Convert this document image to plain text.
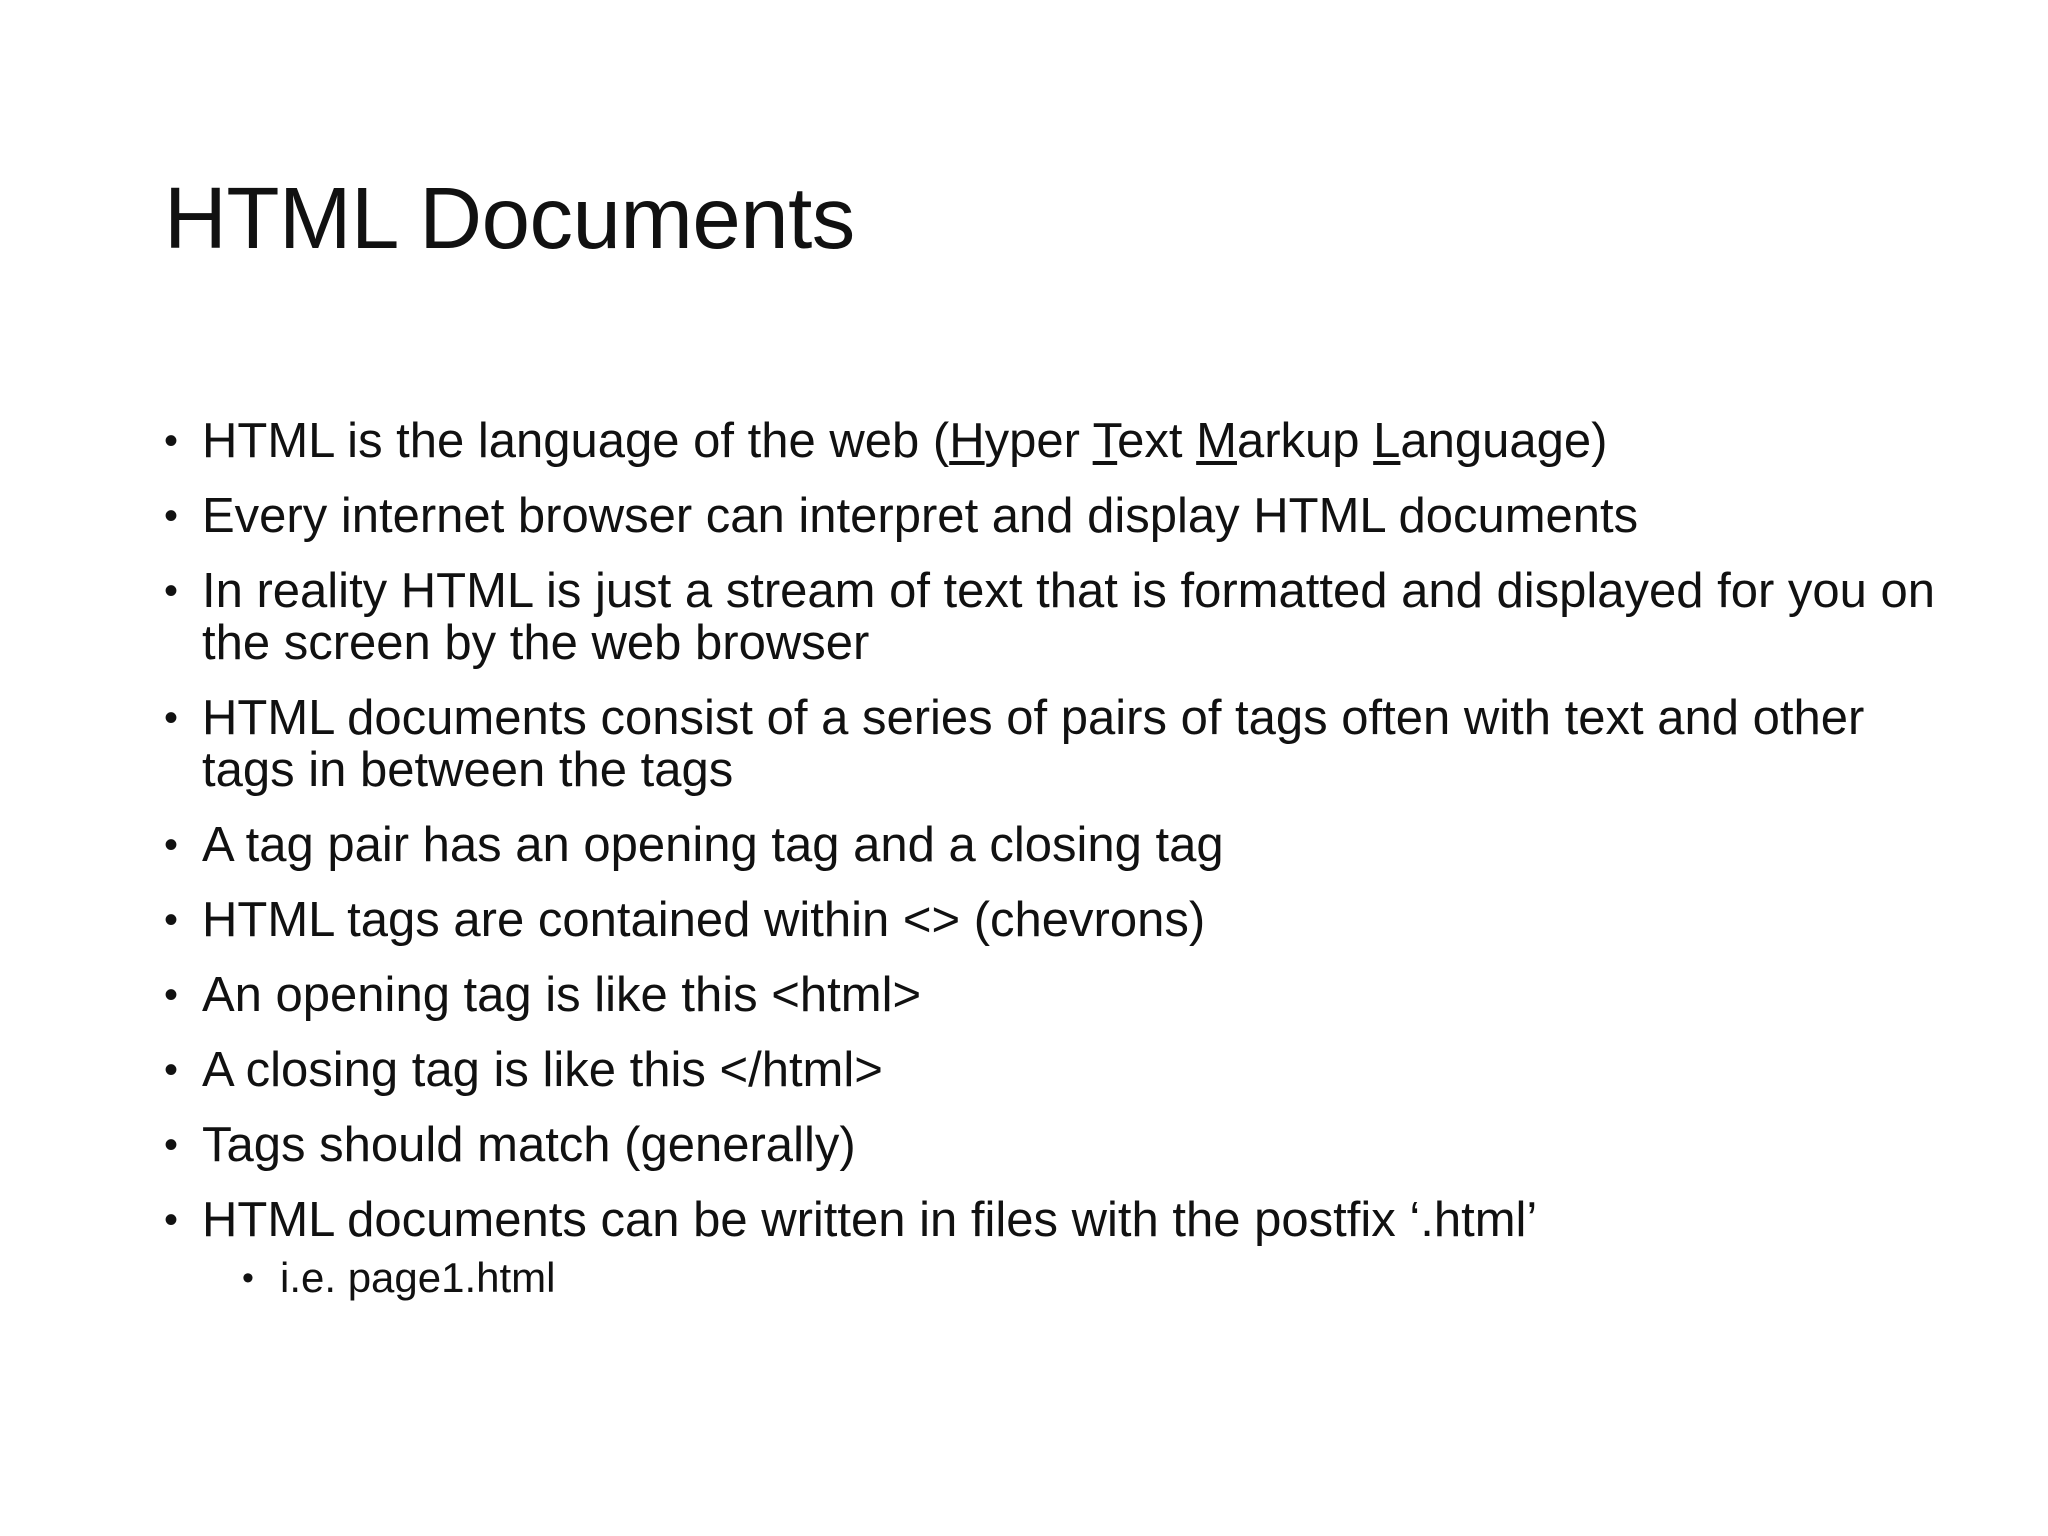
HTML Documents
• HTML is the language of the web (Hyper Text Markup Language)
• Every internet browser can interpret and display HTML documents
• In reality HTML is just a stream of text that is formatted and displayed for you on the screen by the web browser
• HTML documents consist of a series of pairs of tags often with text and other tags in between the tags
• A tag pair has an opening tag and a closing tag
• HTML tags are contained within <> (chevrons)
• An opening tag is like this <html>
• A closing tag is like this </html>
• Tags should match (generally)
• HTML documents can be written in files with the postfix ‘.html’
• i.e. page1.html
